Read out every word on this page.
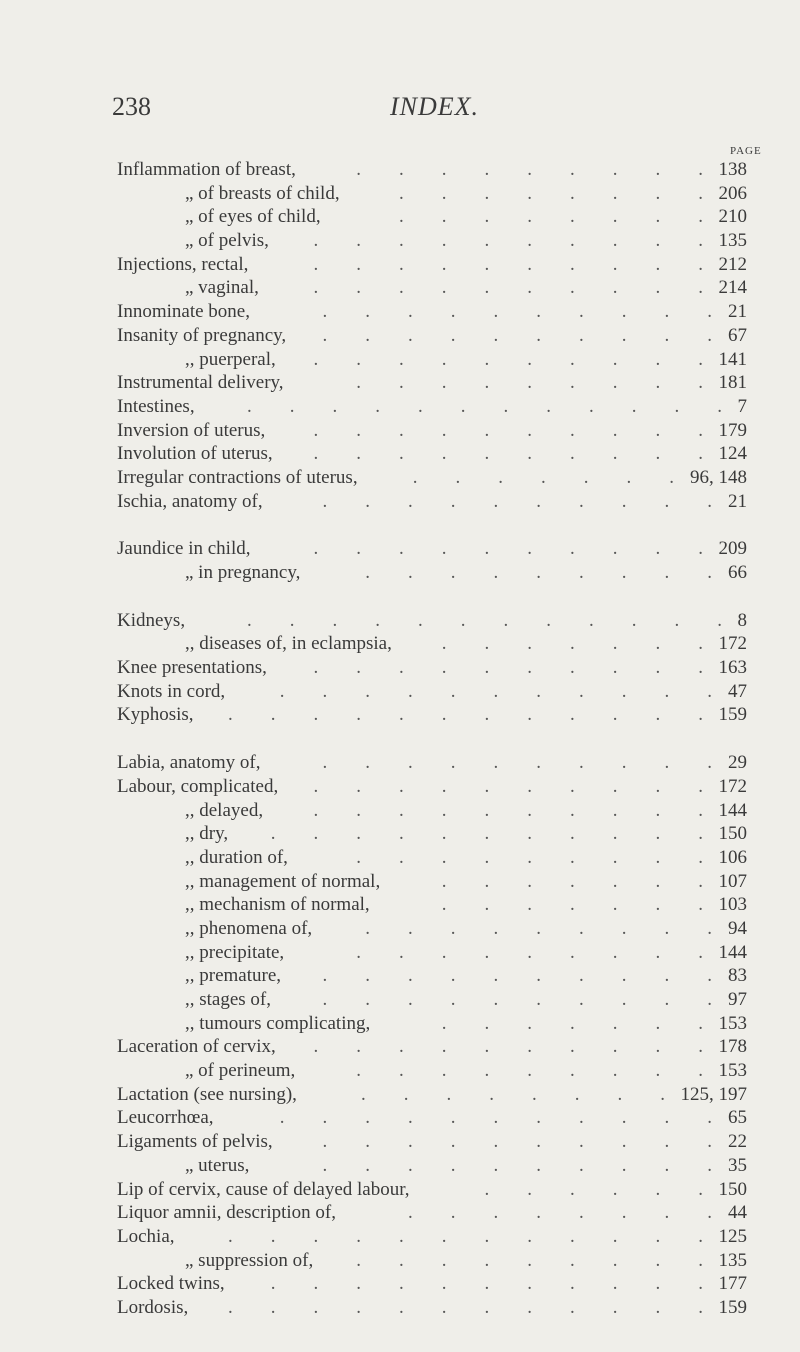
238	INDEX.
PAGE
Inflammation of breast,	138
.  .  .  .  .  .  .  .  .
„ of breasts of child,	206
.  .  .  .  .  .  .  .
„ of eyes of child,	210
.  .  .  .  .  .  .  .
„ of pelvis,	135
.  .  .  .  .  .  .  .  .  .
Injections, rectal,	212
.  .  .  .  .  .  .  .  .  .
„ vaginal,	214
.  .  .  .  .  .  .  .  .  .
Innominate bone,	21
.  .  .  .  .  .  .  .  .  .
Insanity of pregnancy,	67
.  .  .  .  .  .  .  .  .  .
,, puerperal,	141
.  .  .  .  .  .  .  .  .  .
Instrumental delivery,	181
.  .  .  .  .  .  .  .  .
Intestines,	7
.  .  .  .  .  .  .  .  .  .  .  .
Inversion of uterus,	179
.  .  .  .  .  .  .  .  .  .
Involution of uterus,	124
.  .  .  .  .  .  .  .  .  .
Irregular contractions of uterus,	96, 148
.  .  .  .  .  .  .
Ischia, anatomy of,	21
.  .  .  .  .  .  .  .  .  .
Jaundice in child,	209
.  .  .  .  .  .  .  .  .  .
„ in pregnancy,	66
.  .  .  .  .  .  .  .  .
Kidneys,	8
.  .  .  .  .  .  .  .  .  .  .  .
,, diseases of, in eclampsia,	172
.  .  .  .  .  .  .
Knee presentations,	163
.  .  .  .  .  .  .  .  .  .
Knots in cord,	47
.  .  .  .  .  .  .  .  .  .  .
Kyphosis,	159
.  .  .  .  .  .  .  .  .  .  .  .
Labia, anatomy of,	29
.  .  .  .  .  .  .  .  .  .
Labour, complicated,	172
.  .  .  .  .  .  .  .  .  .
,, delayed,	144
.  .  .  .  .  .  .  .  .  .
,, dry,	150
.  .  .  .  .  .  .  .  .  .  .
,, duration of,	106
.  .  .  .  .  .  .  .  .
,, management of normal,	107
.  .  .  .  .  .  .
,, mechanism of normal,	103
.  .  .  .  .  .  .
,, phenomena of,	94
.  .  .  .  .  .  .  .  .
,, precipitate,	144
.  .  .  .  .  .  .  .  .
,, premature,	83
.  .  .  .  .  .  .  .  .  .
,, stages of,	97
.  .  .  .  .  .  .  .  .  .
,, tumours complicating,	153
.  .  .  .  .  .  .
Laceration of cervix,	178
.  .  .  .  .  .  .  .  .  .
„ of perineum,	153
.  .  .  .  .  .  .  .  .
Lactation (see nursing),	125, 197
.  .  .  .  .  .  .  .
Leucorrhœa,	65
.  .  .  .  .  .  .  .  .  .  .
Ligaments of pelvis,	22
.  .  .  .  .  .  .  .  .  .
„ uterus,	35
.  .  .  .  .  .  .  .  .  .
Lip of cervix, cause of delayed labour,	150
.  .  .  .  .  .
Liquor amnii, description of,	44
.  .  .  .  .  .  .  .
Lochia,	125
.  .  .  .  .  .  .  .  .  .  .  .
„ suppression of,	135
.  .  .  .  .  .  .  .  .
Locked twins,	177
.  .  .  .  .  .  .  .  .  .  .
Lordosis,	159
.  .  .  .  .  .  .  .  .  .  .  .
